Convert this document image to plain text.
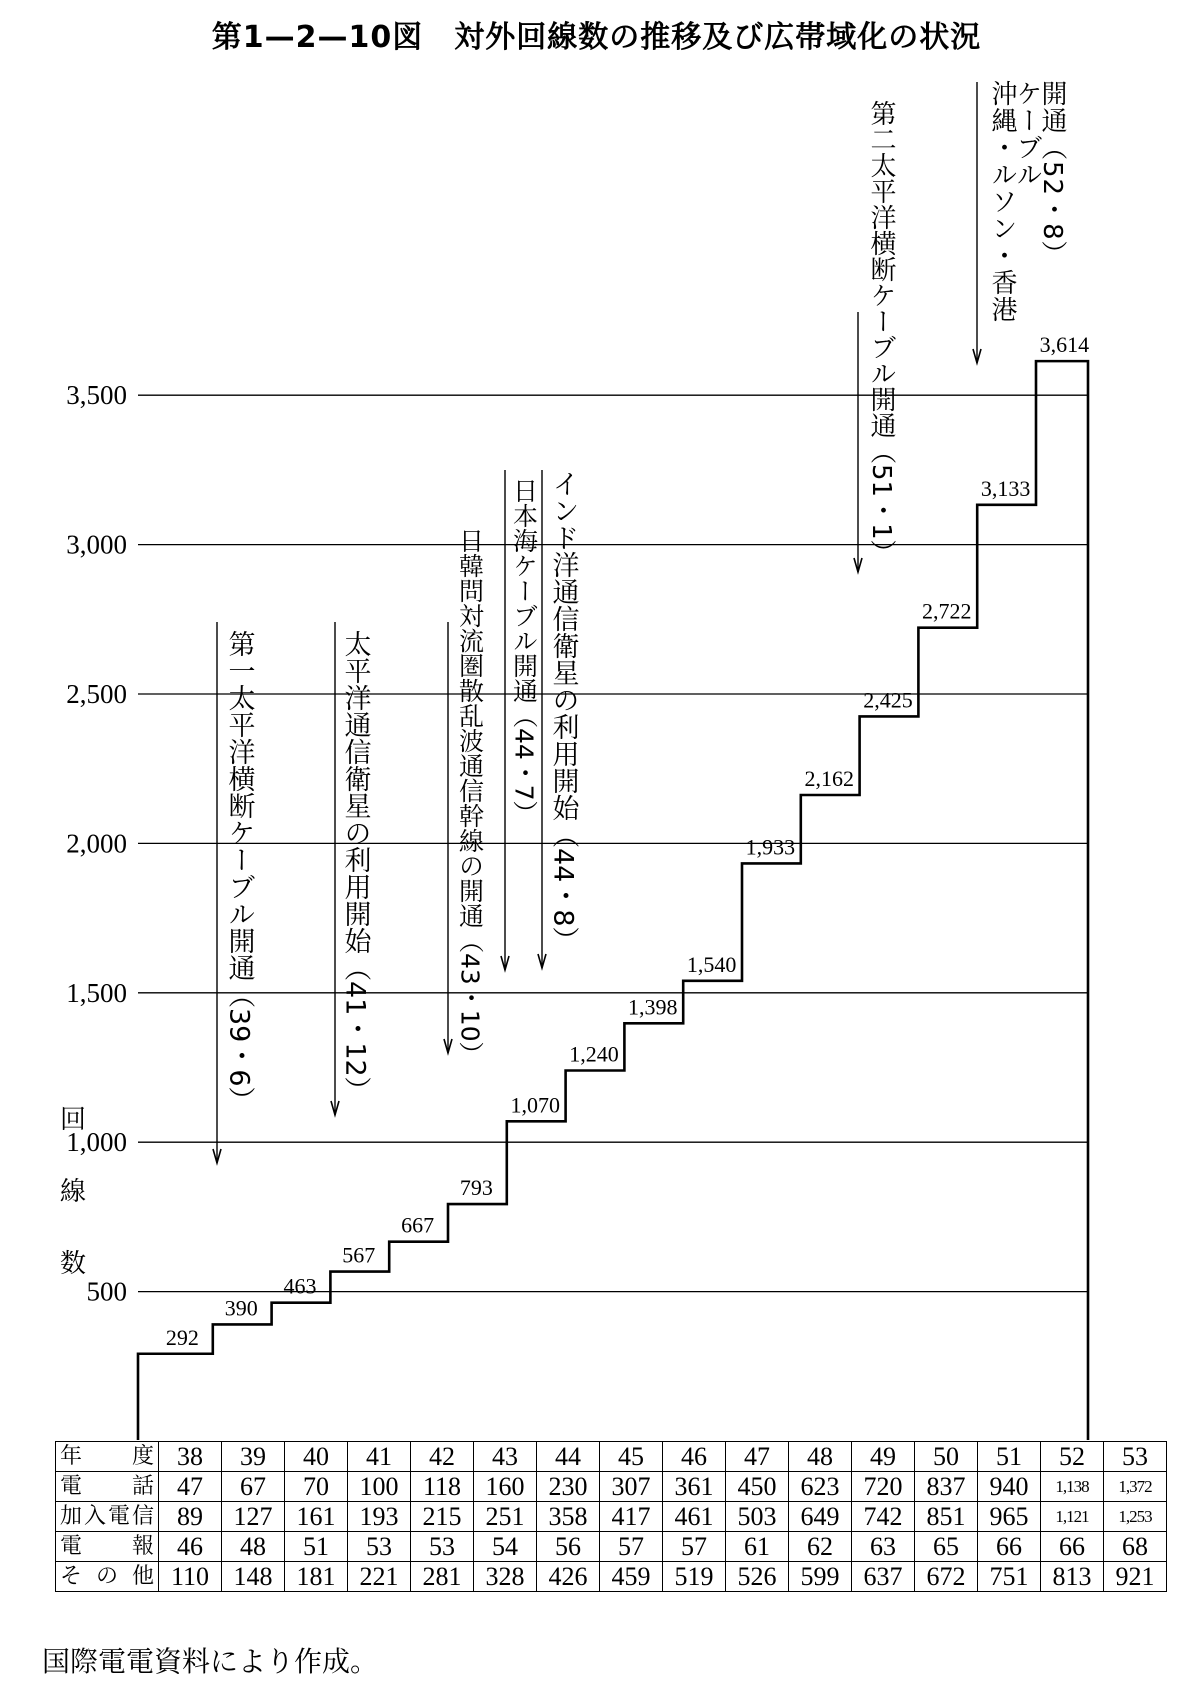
第1—2—10図　対外回線数の推移及び広帯域化の状況
500
1,000
1,500
2,000
2,500
3,000
3,500
回
線
数
292
390
463
567
667
793
1,070
1,240
1,398
1,540
1,933
2,162
2,425
2,722
3,133
3,614
第一太平洋横断ケーブル開通（39・6）	太平洋通信衛星の利用開始（41・12）	日韓問対流圏散乱波通信幹線の開通（43・10） 日本海ケーブル開通（44・7） インド洋通信衛星の利用開始（44・8）
第二太平洋横断ケーブル開通（51・1）	開通（52・8）
ケーブル
沖縄・ルソン・香港
年　度	38	39	40	41	42	43	44	45	46	47	48	49	50	51	52	53
電　話	47	67	70	100	118	160	230	307	361	450	623	720	837	940	1,138	1,372
加入電信	89	127	161	193	215	251	358	417	461	503	649	742	851	965	1,121	1,253
電　報	46	48	51	53	53	54	56	57	57	61	62	63	65	66	66	68
その他	110	148	181	221	281	328	426	459	519	526	599	637	672	751	813	921
国際電電資料により作成。
